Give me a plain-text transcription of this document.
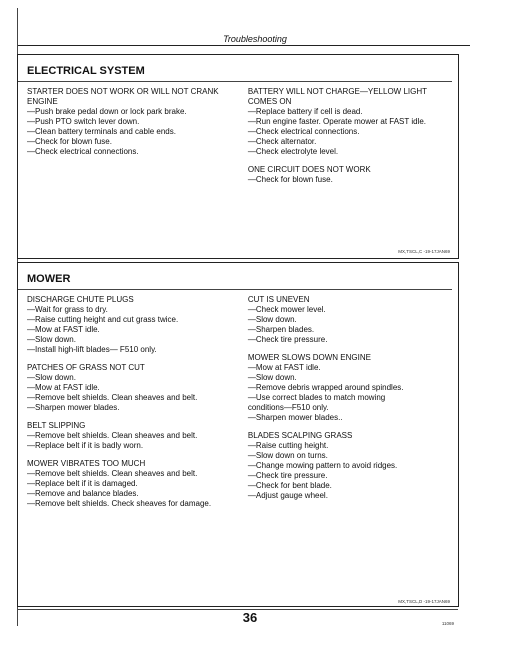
Troubleshooting
ELECTRICAL SYSTEM
STARTER DOES NOT WORK OR WILL NOT CRANK
ENGINE
—Push brake pedal down or lock park brake.
—Push PTO switch lever down.
—Clean battery terminals and cable ends.
—Check for blown fuse.
—Check electrical connections.
BATTERY WILL NOT CHARGE—YELLOW LIGHT
COMES ON
—Replace battery if cell is dead.
—Run engine faster. Operate mower at FAST idle.
—Check electrical connections.
—Check alternator.
—Check electrolyte level.
ONE CIRCUIT DOES NOT WORK
—Check for blown fuse.
MX,TSCL,C -19-17JAN69
MOWER
DISCHARGE CHUTE PLUGS
—Wait for grass to dry.
—Raise cutting height and cut grass twice.
—Mow at FAST idle.
—Slow down.
—Install high-lift blades— F510 only.
PATCHES OF GRASS NOT CUT
—Slow down.
—Mow at FAST idle.
—Remove belt shields. Clean sheaves and belt.
—Sharpen mower blades.
BELT SLIPPING
—Remove belt shields. Clean sheaves and belt.
—Replace belt if it is badly worn.
MOWER VIBRATES TOO MUCH
—Remove belt shields. Clean sheaves and belt.
—Replace belt if it is damaged.
—Remove and balance blades.
—Remove belt shields. Check sheaves for damage.
CUT IS UNEVEN
—Check mower level.
—Slow down.
—Sharpen blades.
—Check tire pressure.
MOWER SLOWS DOWN ENGINE
—Mow at FAST idle.
—Slow down.
—Remove debris wrapped around spindles.
—Use correct blades to match mowing
conditions—F510 only.
—Sharpen mower blades..
BLADES SCALPING GRASS
—Raise cutting height.
—Slow down on turns.
—Change mowing pattern to avoid ridges.
—Check tire pressure.
—Check for bent blade.
—Adjust gauge wheel.
MX,TSCL,D -19-17JAN69
36	11069
